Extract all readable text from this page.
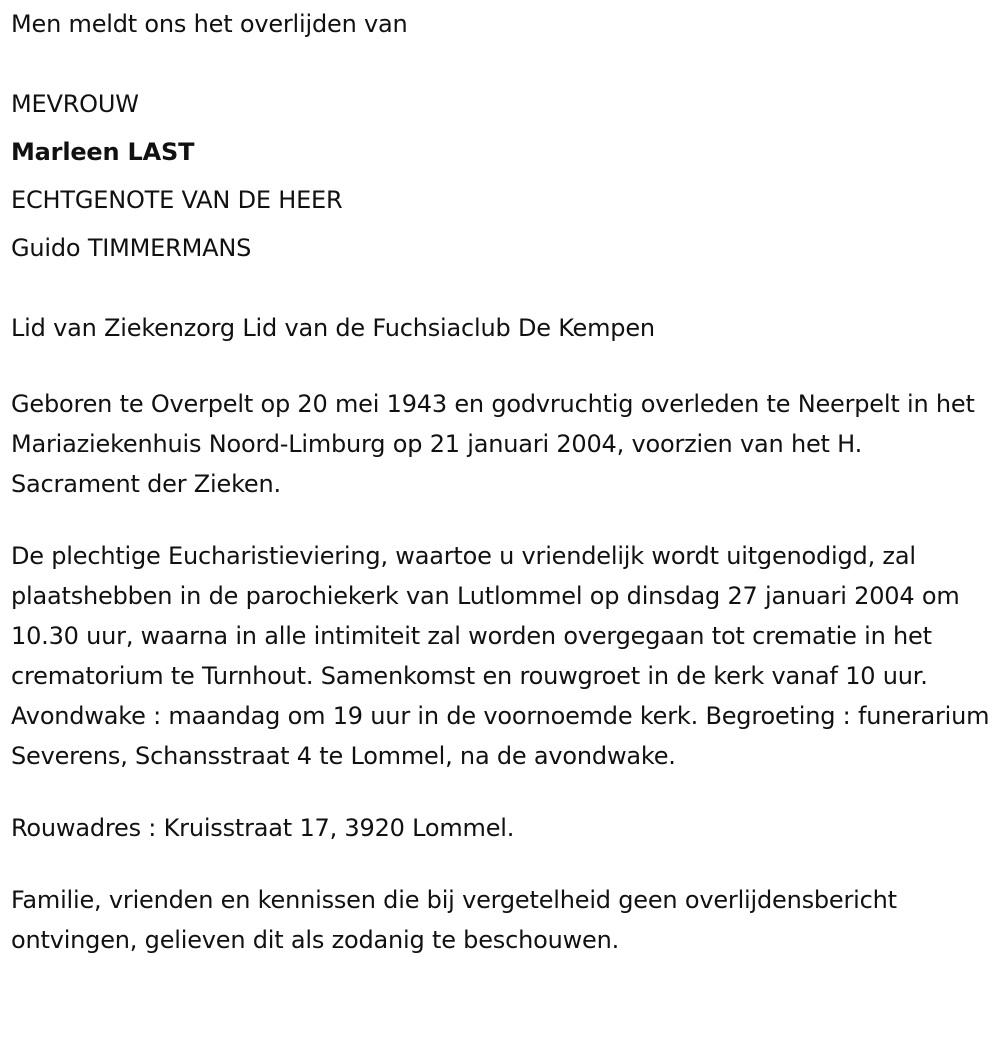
Men meldt ons het overlijden van
MEVROUW
Marleen LAST
ECHTGENOTE VAN DE HEER
Guido TIMMERMANS
Lid van Ziekenzorg Lid van de Fuchsiaclub De Kempen
Geboren te Overpelt op 20 mei 1943 en godvruchtig overleden te Neerpelt in het Mariaziekenhuis Noord-Limburg op 21 januari 2004, voorzien van het H. Sacrament der Zieken.
De plechtige Eucharistieviering, waartoe u vriendelijk wordt uitgenodigd, zal plaatshebben in de parochiekerk van Lutlommel op dinsdag 27 januari 2004 om 10.30 uur, waarna in alle intimiteit zal worden overgegaan tot crematie in het crematorium te Turnhout. Samenkomst en rouwgroet in de kerk vanaf 10 uur. Avondwake : maandag om 19 uur in de voornoemde kerk. Begroeting : funerarium Severens, Schansstraat 4 te Lommel, na de avondwake.
Rouwadres : Kruisstraat 17, 3920 Lommel.
Familie, vrienden en kennissen die bij vergetelheid geen overlijdensbericht ontvingen, gelieven dit als zodanig te beschouwen.
